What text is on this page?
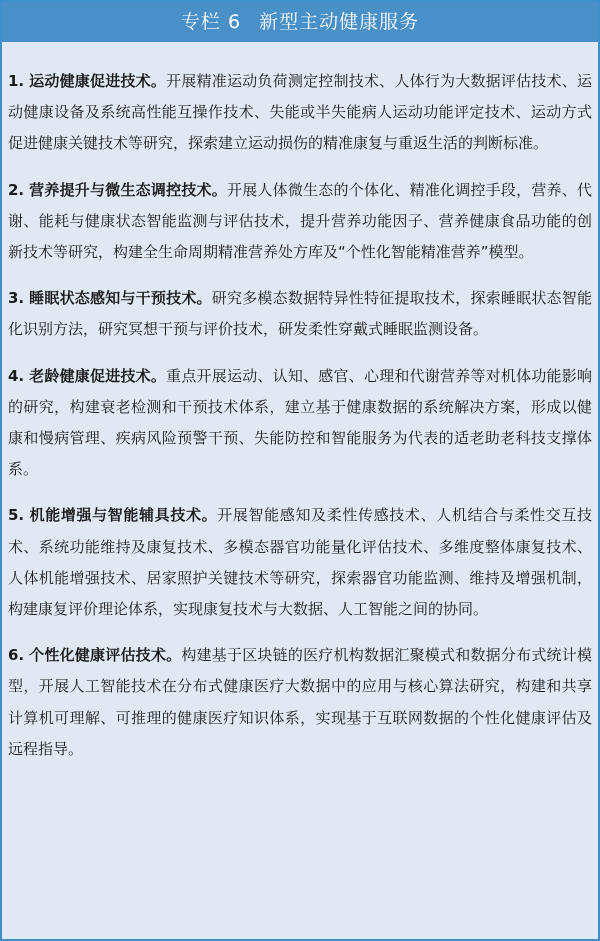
专栏 6 新型主动健康服务

1. 运动健康促进技术。开展精准运动负荷测定控制技术、人体行为大数据评估技术、运动健康设备及系统高性能互操作技术、失能或半失能病人运动功能评定技术、运动方式促进健康关键技术等研究，探索建立运动损伤的精准康复与重返生活的判断标准。

2. 营养提升与微生态调控技术。开展人体微生态的个体化、精准化调控手段，营养、代谢、能耗与健康状态智能监测与评估技术，提升营养功能因子、营养健康食品功能的创新技术等研究，构建全生命周期精准营养处方库及“个性化智能精准营养”模型。

3. 睡眠状态感知与干预技术。研究多模态数据特异性特征提取技术，探索睡眠状态智能化识别方法，研究冥想干预与评价技术，研发柔性穿戴式睡眠监测设备。

4. 老龄健康促进技术。重点开展运动、认知、感官、心理和代谢营养等对机体功能影响的研究，构建衰老检测和干预技术体系，建立基于健康数据的系统解决方案，形成以健康和慢病管理、疾病风险预警干预、失能防控和智能服务为代表的适老助老科技支撑体系。

5. 机能增强与智能辅具技术。开展智能感知及柔性传感技术、人机结合与柔性交互技术、系统功能维持及康复技术、多模态器官功能量化评估技术、多维度整体康复技术、人体机能增强技术、居家照护关键技术等研究，探索器官功能监测、维持及增强机制，构建康复评价理论体系，实现康复技术与大数据、人工智能之间的协同。

6. 个性化健康评估技术。构建基于区块链的医疗机构数据汇聚模式和数据分布式统计模型，开展人工智能技术在分布式健康医疗大数据中的应用与核心算法研究，构建和共享计算机可理解、可推理的健康医疗知识体系，实现基于互联网数据的个性化健康评估及远程指导。
